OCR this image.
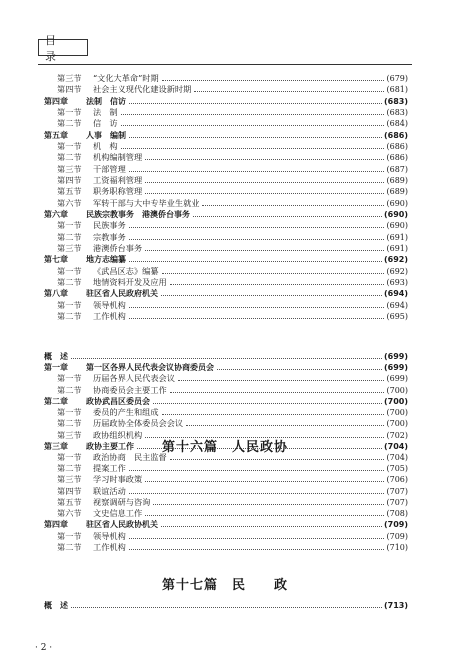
目　录
第三节	“文化大革命”时期	(679)
第四节	社会主义现代化建设新时期	(681)
第四章	法制　信访	(683)
第一节	法　制	(683)
第二节	信　访	(684)
第五章	人事　编制	(686)
第一节	机　构	(686)
第二节	机构编制管理	(686)
第三节	干部管理	(687)
第四节	工资福利管理	(689)
第五节	职务职称管理	(689)
第六节	军转干部与大中专毕业生就业	(690)
第六章	民族宗教事务　港澳侨台事务	(690)
第一节	民族事务	(690)
第二节	宗教事务	(691)
第三节	港澳侨台事务	(691)
第七章	地方志编纂	(692)
第一节	《武昌区志》编纂	(692)
第二节	地情资料开发及应用	(693)
第八章	驻区省人民政府机关	(694)
第一节	领导机构	(694)
第二节	工作机构	(695)
第十六篇　人民政协
概　述	(699)
第一章	第一区各界人民代表会议协商委员会	(699)
第一节	历届各界人民代表会议	(699)
第二节	协商委员会主要工作	(700)
第二章	政协武昌区委员会	(700)
第一节	委员的产生和组成	(700)
第二节	历届政协全体委员会会议	(700)
第三节	政协组织机构	(702)
第三章	政协主要工作	(704)
第一节	政治协商　民主监督	(704)
第二节	提案工作	(705)
第三节	学习时事政策	(706)
第四节	联谊活动	(707)
第五节	视察调研与咨询	(707)
第六节	文史信息工作	(708)
第四章	驻区省人民政协机关	(709)
第一节	领导机构	(709)
第二节	工作机构	(710)
第十七篇　民　　政
概　述	(713)
· 2 ·
